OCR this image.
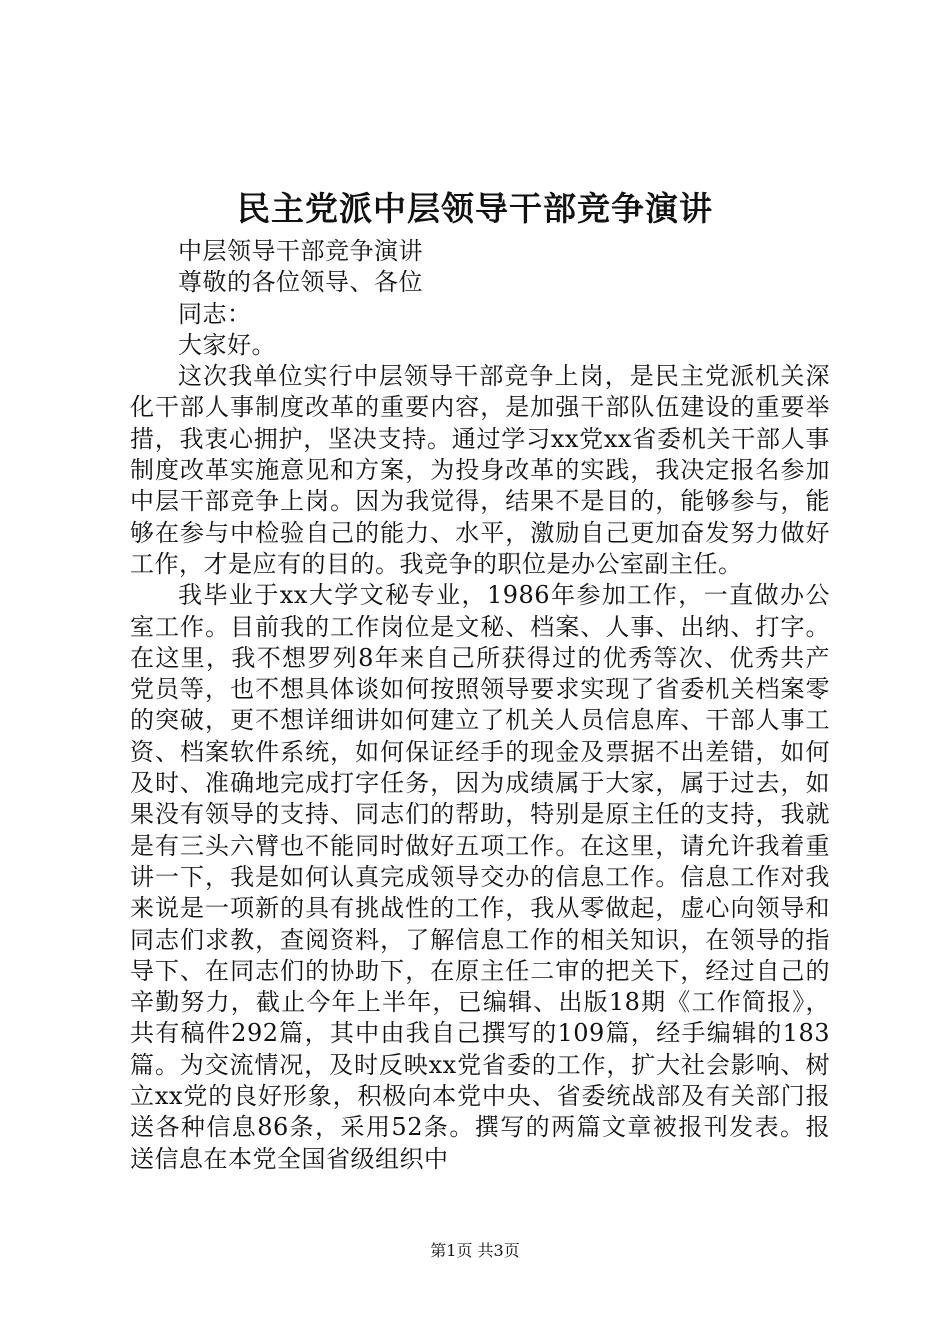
民主党派中层领导干部竞争演讲

中层领导干部竞争演讲

尊敬的各位领导、各位

同志：

大家好。

这次我单位实行中层领导干部竞争上岗，是民主党派机关深化干部人事制度改革的重要内容，是加强干部队伍建设的重要举措，我衷心拥护，坚决支持。通过学习xx党xx省委机关干部人事制度改革实施意见和方案，为投身改革的实践，我决定报名参加中层干部竞争上岗。因为我觉得，结果不是目的，能够参与，能够在参与中检验自己的能力、水平，激励自己更加奋发努力做好工作，才是应有的目的。我竞争的职位是办公室副主任。

我毕业于xx大学文秘专业，1986年参加工作，一直做办公室工作。目前我的工作岗位是文秘、档案、人事、出纳、打字。在这里，我不想罗列8年来自己所获得过的优秀等次、优秀共产党员等，也不想具体谈如何按照领导要求实现了省委机关档案零的突破，更不想详细讲如何建立了机关人员信息库、干部人事工资、档案软件系统，如何保证经手的现金及票据不出差错，如何及时、准确地完成打字任务，因为成绩属于大家，属于过去，如果没有领导的支持、同志们的帮助，特别是原主任的支持，我就是有三头六臂也不能同时做好五项工作。在这里，请允许我着重讲一下，我是如何认真完成领导交办的信息工作。信息工作对我来说是一项新的具有挑战性的工作，我从零做起，虚心向领导和同志们求教，查阅资料，了解信息工作的相关知识，在领导的指导下、在同志们的协助下，在原主任二审的把关下，经过自己的辛勤努力，截止今年上半年，已编辑、出版18期《工作简报》，共有稿件292篇，其中由我自己撰写的109篇，经手编辑的183篇。为交流情况，及时反映xx党省委的工作，扩大社会影响、树立xx党的良好形象，积极向本党中央、省委统战部及有关部门报送各种信息86条，采用52条。撰写的两篇文章被报刊发表。报送信息在本党全国省级组织中

第1页 共3页
